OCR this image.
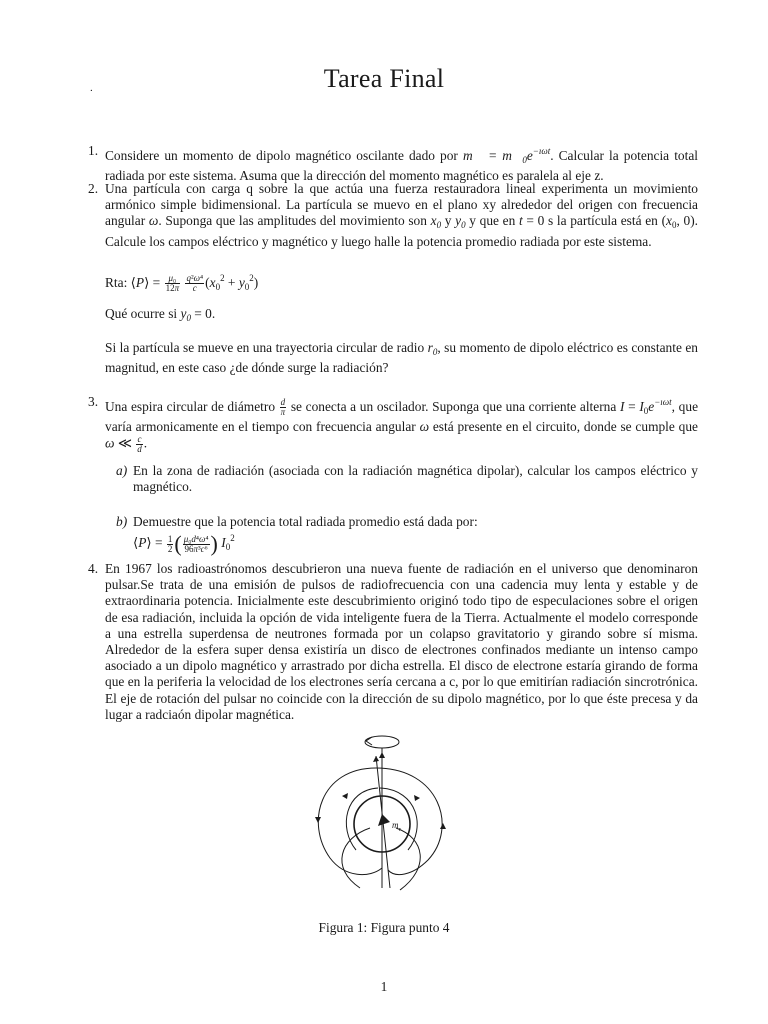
.	Tarea Final
1. Considere un momento de dipolo magnético oscilante dado por m⃗ = $m⃗_0e^{-ı\omega t}$. Calcular la potencia total radiada por este sistema. Asuma que la dirección del momento magnético es paralela al eje z.
2. Una partícula con carga q sobre la que actúa una fuerza restauradora lineal experimenta un movimiento armónico simple bidimensional. La partícula se muevo en el plano xy alrededor del origen con frecuencia angular ω. Suponga que las amplitudes del movimiento son $x_0$ y $y_0$ y que en t = 0 s la partícula está en ($x_0$, 0). Calcule los campos eléctrico y magnético y luego halle la potencia promedio radiada por este sistema.
Rta: ⟨P⟩ = $\frac{\text{μ₀}}{12\pi}$
$\frac{\text{q²ω⁴}}{c} (x_0^2 + y_0^2)$
Qué ocurre si $y_0 = 0$.
Si la partícula se mueve en una trayectoria circular de radio $r_0$, su momento de dipolo eléctrico es constante en magnitud, en este caso ¿de dónde surge la radiación?
3. Una espira circular de diámetro $\frac{d}{\pi}$ se conecta a un oscilador. Suponga que una corriente alterna $I = I_0e^{-ı\omega t}$, que varía armonicamente en el tiempo con frecuencia angular ω está presente en el circuito, donde se cumple que ω ≪ $\frac{c}{d}$ .
a) En la zona de radiación (asociada con la radiación magnética dipolar), calcular los campos eléctrico y magnético.
b) Demuestre que la potencia total radiada promedio está dada por:
⟨P⟩ = $\frac{1}{2}$ ( $\frac{\text{μ₀d⁴ω⁴}}{\text{96π³c⁶}}$ ) $I_0^2$
4. En 1967 los radioastrónomos descubrieron una nueva fuente de radiación en el universo que denominaron pulsar.Se trata de una emisión de pulsos de radiofrecuencia con una cadencia muy lenta y estable y de extraordinaria potencia. Inicialmente este descubrimiento originó todo tipo de especulaciones sobre el origen de esa radiación, incluida la opción de vida inteligente fuera de la Tierra. Actualmente el modelo corresponde a una estrella superdensa de neutrones formada por un colapso gravitatorio y girando sobre sí misma. Alrededor de la esfera super densa existiría un disco de electrones confinados mediante un intenso campo asociado a un dipolo magnético y arrastrado por dicha estrella. El disco de electrone estaría girando de forma que en la periferia la velocidad de los electrones sería cercana a c, por lo que emitirían radiación sincrotrónica. El eje de rotación del pulsar no coincide con la dirección de su dipolo magnético, por lo que éste precesa y da lugar a radciaón dipolar magnética.
m r
Figura 1: Figura punto 4
1
